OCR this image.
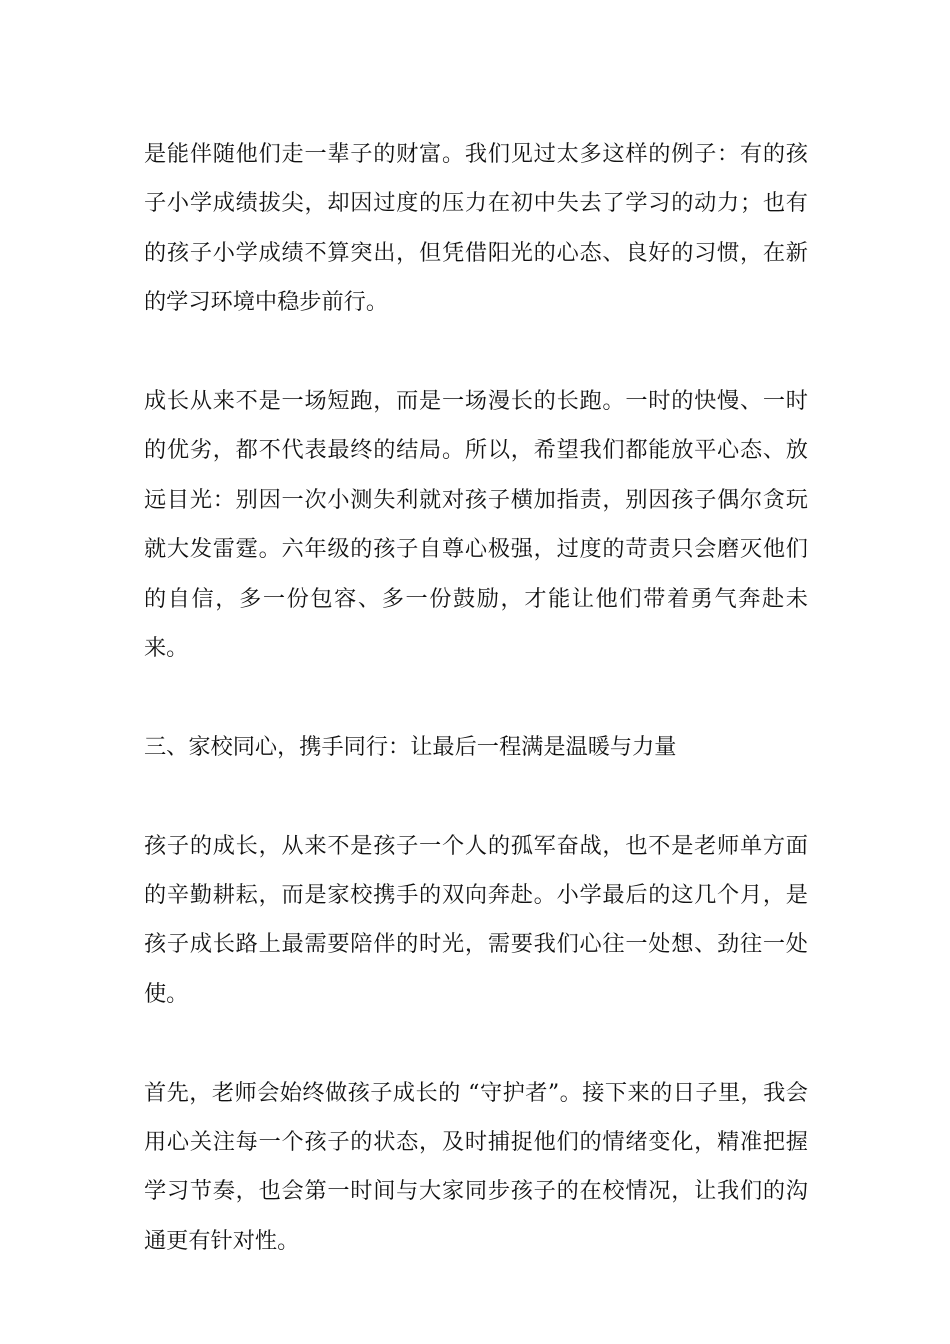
是能伴随他们走一辈子的财富。我们见过太多这样的例子：有的孩子小学成绩拔尖，却因过度的压力在初中失去了学习的动力；也有的孩子小学成绩不算突出，但凭借阳光的心态、良好的习惯，在新的学习环境中稳步前行。

成长从来不是一场短跑，而是一场漫长的长跑。一时的快慢、一时的优劣，都不代表最终的结局。所以，希望我们都能放平心态、放远目光：别因一次小测失利就对孩子横加指责，别因孩子偶尔贪玩就大发雷霆。六年级的孩子自尊心极强，过度的苛责只会磨灭他们的自信，多一份包容、多一份鼓励，才能让他们带着勇气奔赴未来。

三、家校同心，携手同行：让最后一程满是温暖与力量

孩子的成长，从来不是孩子一个人的孤军奋战，也不是老师单方面的辛勤耕耘，而是家校携手的双向奔赴。小学最后的这几个月，是孩子成长路上最需要陪伴的时光，需要我们心往一处想、劲往一处使。

首先，老师会始终做孩子成长的 “守护者”。接下来的日子里，我会用心关注每一个孩子的状态，及时捕捉他们的情绪变化，精准把握学习节奏，也会第一时间与大家同步孩子的在校情况，让我们的沟通更有针对性。
